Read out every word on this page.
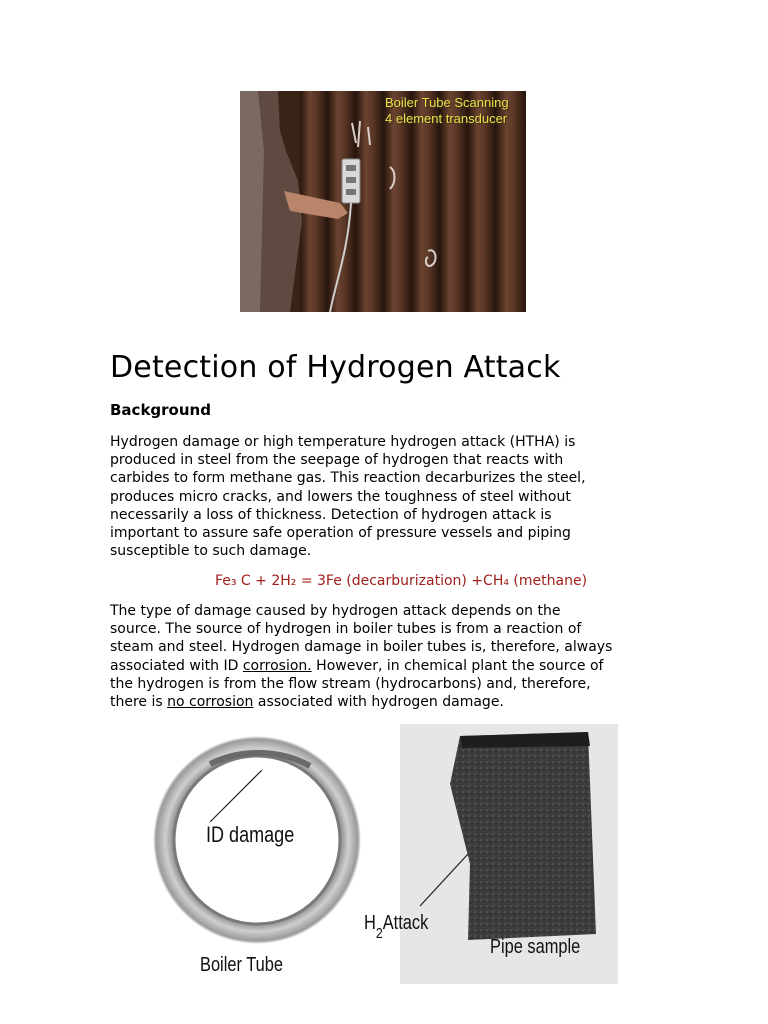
Boiler Tube Scanning
4 element transducer
Detection of Hydrogen Attack
Background

Hydrogen damage or high temperature hydrogen attack (HTHA) is
produced in steel from the seepage of hydrogen that reacts with
carbides to form methane gas. This reaction decarburizes the steel,
produces micro cracks, and lowers the toughness of steel without
necessarily a loss of thickness. Detection of hydrogen attack is
important to assure safe operation of pressure vessels and piping
susceptible to such damage.

Fe₃ C + 2H₂ = 3Fe (decarburization) +CH₄ (methane)

The type of damage caused by hydrogen attack depends on the
source. The source of hydrogen in boiler tubes is from a reaction of
steam and steel. Hydrogen damage in boiler tubes is, therefore, always
associated with ID corrosion. However, in chemical plant the source of
the hydrogen is from the flow stream (hydrocarbons) and, therefore,
there is no corrosion associated with hydrogen damage.

ID damage
Boiler Tube
$H_2Attack$
Pipe sample
